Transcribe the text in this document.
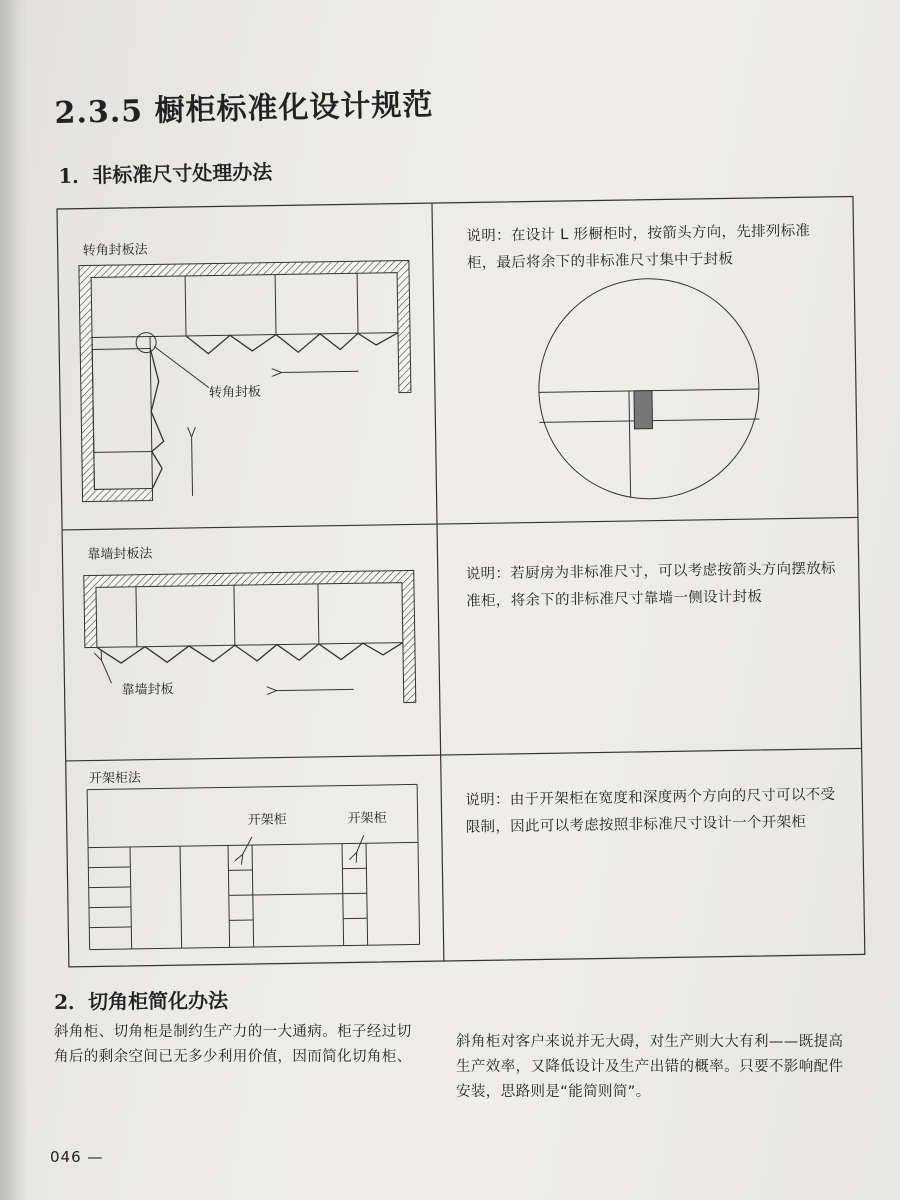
2.3.5 橱柜标准化设计规范
1．非标准尺寸处理办法
转角封板法
转角封板
说明：在设计 L 形橱柜时，按箭头方向，先排列标准柜，最后将余下的非标准尺寸集中于封板
靠墙封板法
靠墙封板
说明：若厨房为非标准尺寸，可以考虑按箭头方向摆放标准柜，将余下的非标准尺寸靠墙一侧设计封板
开架柜法
开架柜	开架柜
说明：由于开架柜在宽度和深度两个方向的尺寸可以不受限制，因此可以考虑按照非标准尺寸设计一个开架柜
2．切角柜简化办法
斜角柜、切角柜是制约生产力的一大通病。柜子经过切角后的剩余空间已无多少利用价值，因而简化切角柜、
斜角柜对客户来说并无大碍，对生产则大大有利——既提高生产效率，又降低设计及生产出错的概率。只要不影响配件安装，思路则是“能简则简”。
046 —
